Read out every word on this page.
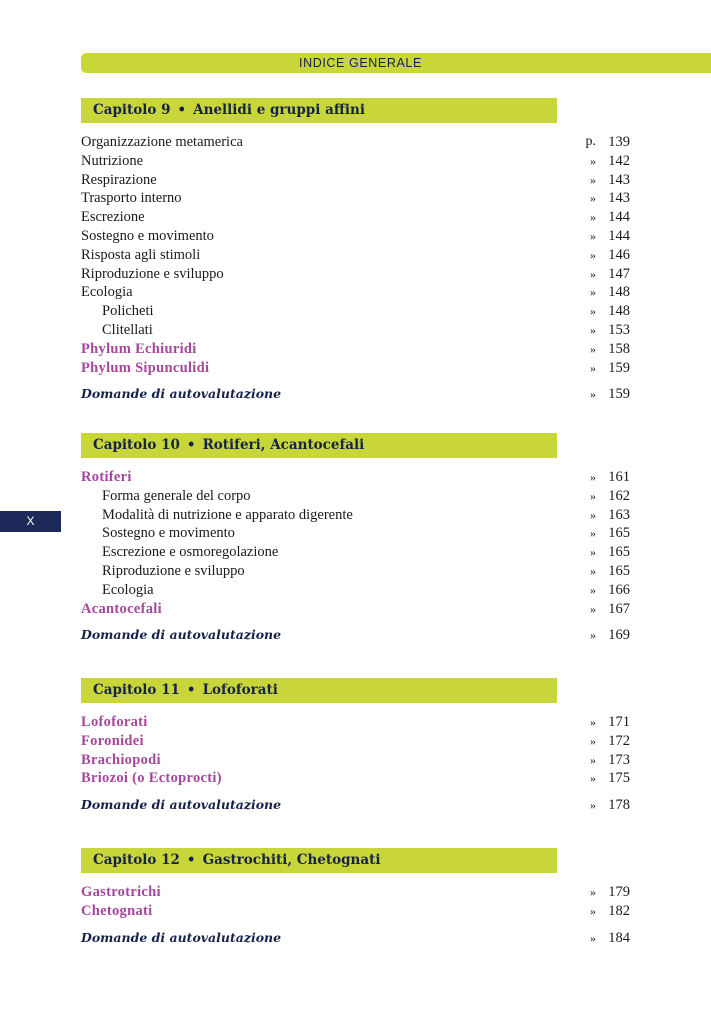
INDICE GENERALE
X
Capitolo 9 • Anellidi e gruppi affini
Organizzazione metamerica	p. 139
Nutrizione	» 142
Respirazione	» 143
Trasporto interno	» 143
Escrezione	» 144
Sostegno e movimento	» 144
Risposta agli stimoli	» 146
Riproduzione e sviluppo	» 147
Ecologia	» 148
Policheti	» 148
Clitellati	» 153
Phylum Echiuridi	» 158
Phylum Sipunculidi	» 159
Domande di autovalutazione	» 159
Capitolo 10 • Rotiferi, Acantocefali
Rotiferi	» 161
Forma generale del corpo	» 162
Modalità di nutrizione e apparato digerente	» 163
Sostegno e movimento	» 165
Escrezione e osmoregolazione	» 165
Riproduzione e sviluppo	» 165
Ecologia	» 166
Acantocefali	» 167
Domande di autovalutazione	» 169
Capitolo 11 • Lofoforati
Lofoforati	» 171
Foronidei	» 172
Brachiopodi	» 173
Briozoi (o Ectoprocti)	» 175
Domande di autovalutazione	» 178
Capitolo 12 • Gastrochiti, Chetognati
Gastrotrichi	» 179
Chetognati	» 182
Domande di autovalutazione	» 184
